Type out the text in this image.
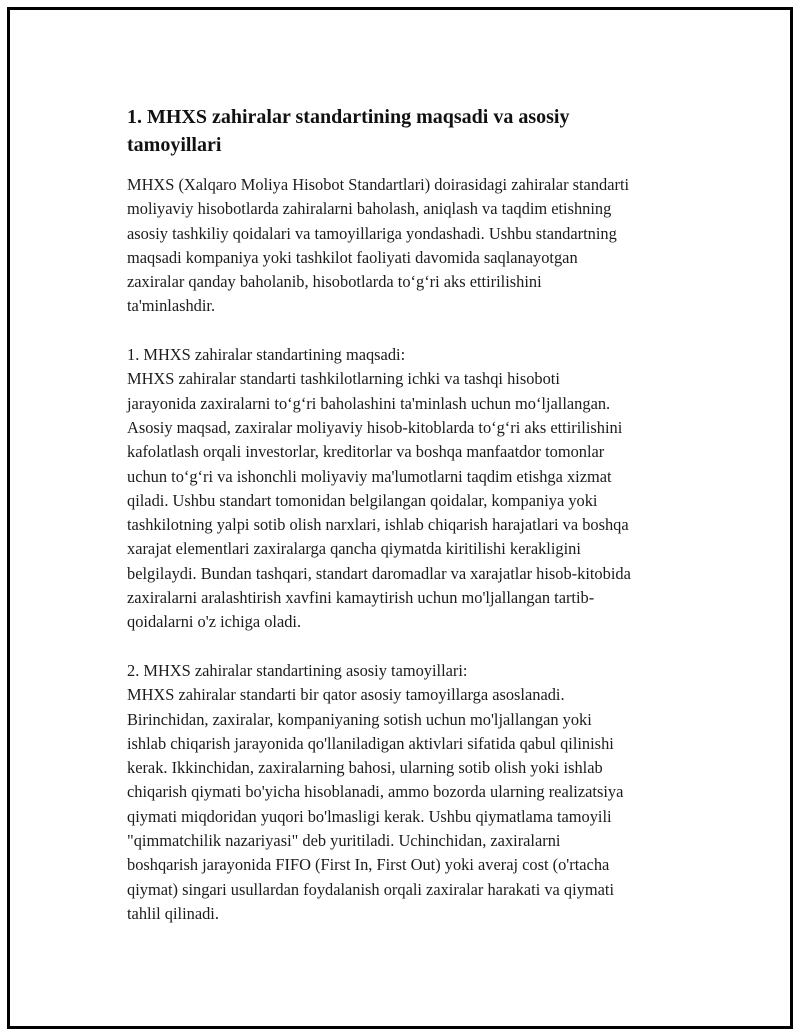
1. MHXS zahiralar standartining maqsadi va asosiy
tamoyillari

MHXS (Xalqaro Moliya Hisobot Standartlari) doirasidagi zahiralar standarti
moliyaviy hisobotlarda zahiralarni baholash, aniqlash va taqdim etishning
asosiy tashkiliy qoidalari va tamoyillariga yondashadi. Ushbu standartning
maqsadi kompaniya yoki tashkilot faoliyati davomida saqlanayotgan
zaxiralar qanday baholanib, hisobotlarda to‘g‘ri aks ettirilishini
ta'minlashdir.

1. MHXS zahiralar standartining maqsadi:
MHXS zahiralar standarti tashkilotlarning ichki va tashqi hisoboti
jarayonida zaxiralarni to‘g‘ri baholashini ta'minlash uchun mo‘ljallangan.
Asosiy maqsad, zaxiralar moliyaviy hisob-kitoblarda to‘g‘ri aks ettirilishini
kafolatlash orqali investorlar, kreditorlar va boshqa manfaatdor tomonlar
uchun to‘g‘ri va ishonchli moliyaviy ma'lumotlarni taqdim etishga xizmat
qiladi. Ushbu standart tomonidan belgilangan qoidalar, kompaniya yoki
tashkilotning yalpi sotib olish narxlari, ishlab chiqarish harajatlari va boshqa
xarajat elementlari zaxiralarga qancha qiymatda kiritilishi kerakligini
belgilaydi. Bundan tashqari, standart daromadlar va xarajatlar hisob-kitobida
zaxiralarni aralashtirish xavfini kamaytirish uchun mo'ljallangan tartib-
qoidalarni o'z ichiga oladi.

2. MHXS zahiralar standartining asosiy tamoyillari:
MHXS zahiralar standarti bir qator asosiy tamoyillarga asoslanadi.
Birinchidan, zaxiralar, kompaniyaning sotish uchun mo'ljallangan yoki
ishlab chiqarish jarayonida qo'llaniladigan aktivlari sifatida qabul qilinishi
kerak. Ikkinchidan, zaxiralarning bahosi, ularning sotib olish yoki ishlab
chiqarish qiymati bo'yicha hisoblanadi, ammo bozorda ularning realizatsiya
qiymati miqdoridan yuqori bo'lmasligi kerak. Ushbu qiymatlama tamoyili
"qimmatchilik nazariyasi" deb yuritiladi. Uchinchidan, zaxiralarni
boshqarish jarayonida FIFO (First In, First Out) yoki averaj cost (o'rtacha
qiymat) singari usullardan foydalanish orqali zaxiralar harakati va qiymati
tahlil qilinadi.
